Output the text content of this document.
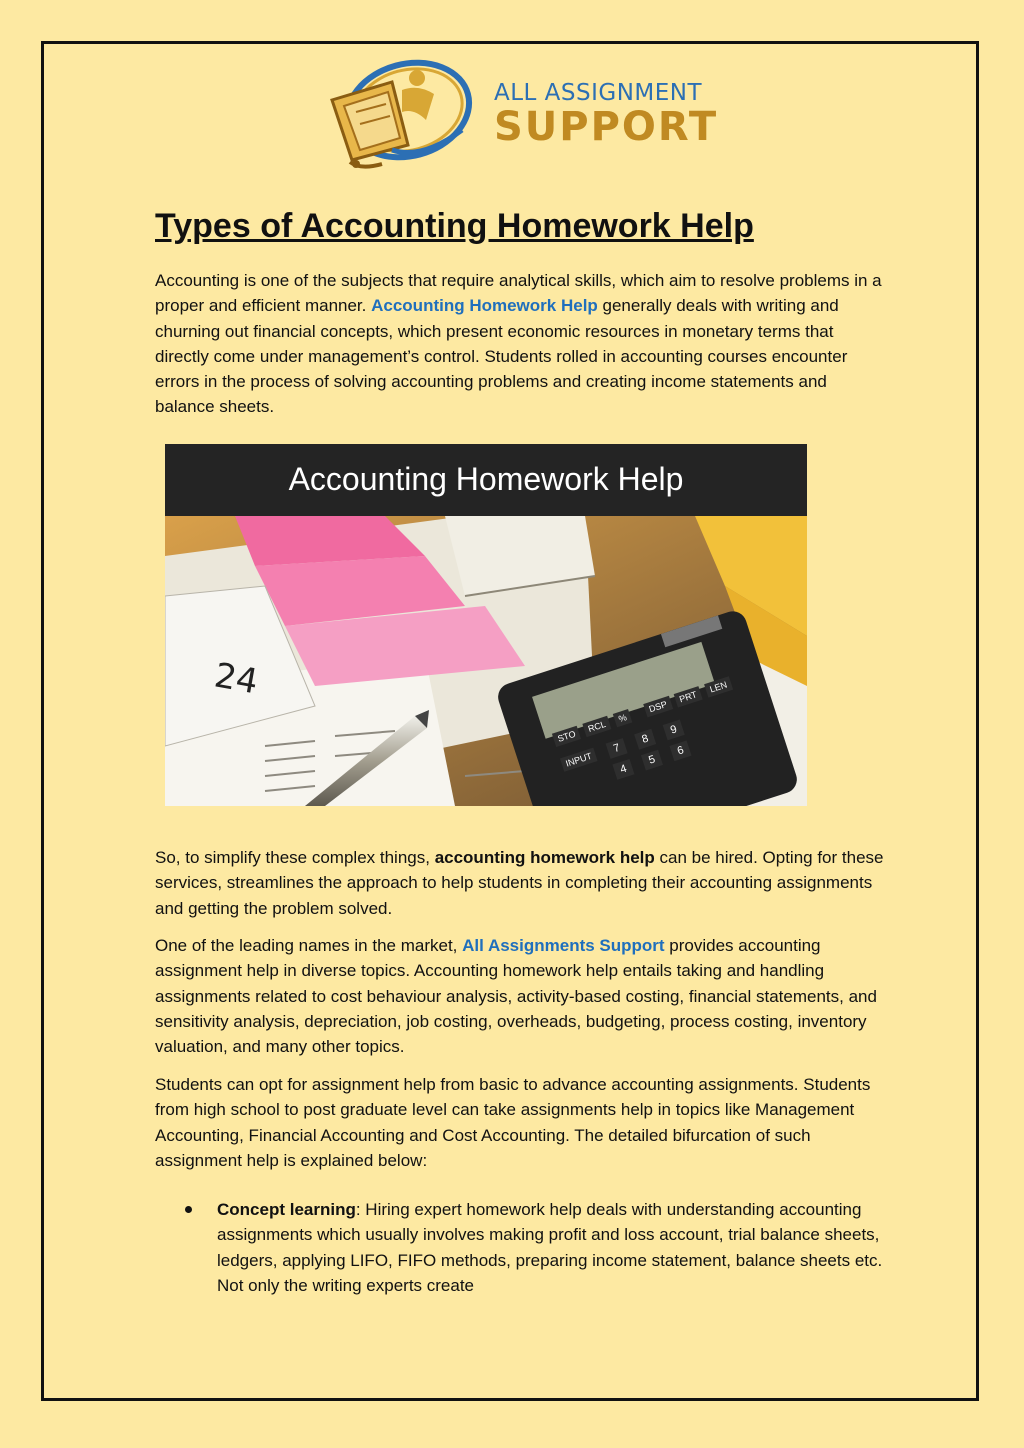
ALL ASSIGNMENT
SUPPORT
Types of Accounting Homework Help

Accounting is one of the subjects that require analytical skills, which aim to resolve problems in a proper and efficient manner. Accounting Homework Help generally deals with writing and churning out financial concepts, which present economic resources in monetary terms that directly come under management’s control. Students rolled in accounting courses encounter errors in the process of solving accounting problems and creating income statements and balance sheets.

Accounting Homework Help
24
STO
RCL
%
DSP
PRT
LEN
INPUT
7
8
9
4
5
6

So, to simplify these complex things, accounting homework help can be hired. Opting for these services, streamlines the approach to help students in completing their accounting assignments and getting the problem solved.

One of the leading names in the market, All Assignments Support provides accounting assignment help in diverse topics. Accounting homework help entails taking and handling assignments related to cost behaviour analysis, activity-based costing, financial statements, and sensitivity analysis, depreciation, job costing, overheads, budgeting, process costing, inventory valuation, and many other topics.

Students can opt for assignment help from basic to advance accounting assignments. Students from high school to post graduate level can take assignments help in topics like Management Accounting, Financial Accounting and Cost Accounting. The detailed bifurcation of such assignment help is explained below:

Concept learning: Hiring expert homework help deals with understanding accounting assignments which usually involves making profit and loss account, trial balance sheets, ledgers, applying LIFO, FIFO methods, preparing income statement, balance sheets etc. Not only the writing experts create
